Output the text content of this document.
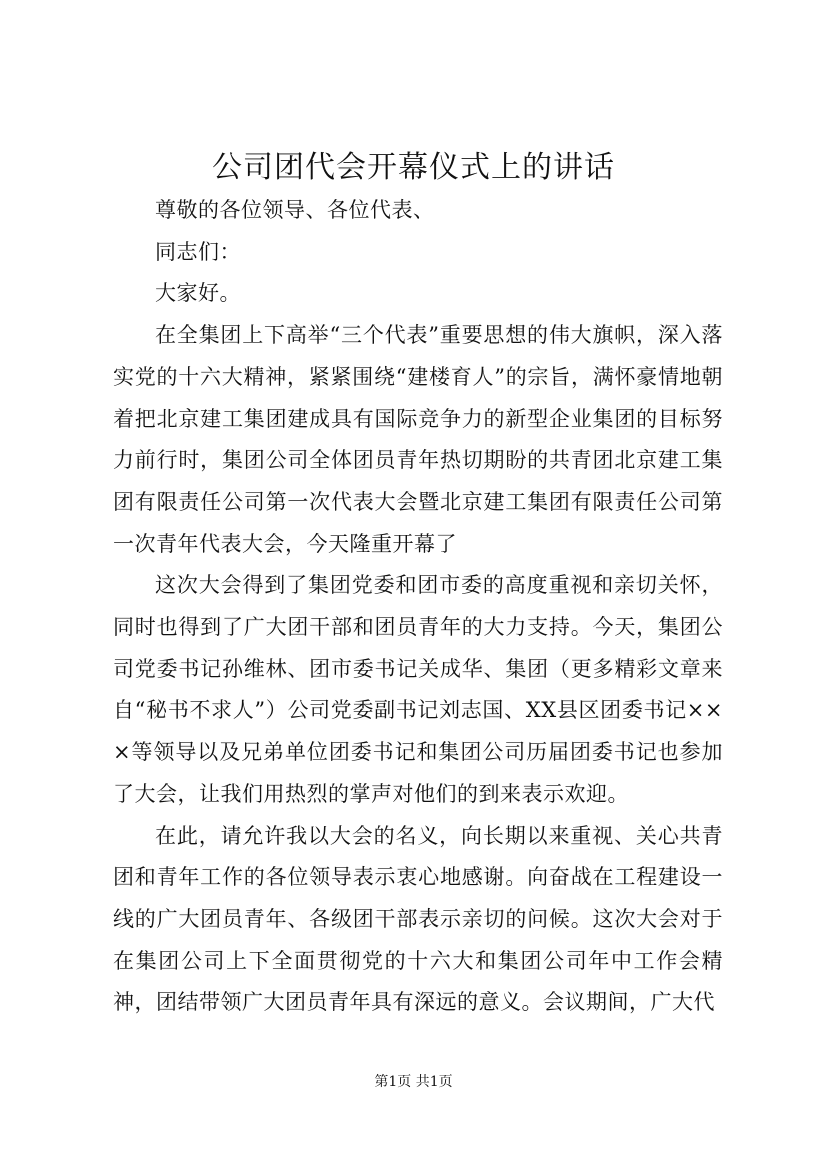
公司团代会开幕仪式上的讲话

尊敬的各位领导、各位代表、

同志们：

大家好。

在全集团上下高举“三个代表”重要思想的伟大旗帜，深入落实党的十六大精神，紧紧围绕“建楼育人”的宗旨，满怀豪情地朝着把北京建工集团建成具有国际竞争力的新型企业集团的目标努力前行时，集团公司全体团员青年热切期盼的共青团北京建工集团有限责任公司第一次代表大会暨北京建工集团有限责任公司第一次青年代表大会，今天隆重开幕了

这次大会得到了集团党委和团市委的高度重视和亲切关怀，同时也得到了广大团干部和团员青年的大力支持。今天，集团公司党委书记孙维林、团市委书记关成华、集团（更多精彩文章来自“秘书不求人”）公司党委副书记刘志国、XX县区团委书记×××等领导以及兄弟单位团委书记和集团公司历届团委书记也参加了大会，让我们用热烈的掌声对他们的到来表示欢迎。

在此，请允许我以大会的名义，向长期以来重视、关心共青团和青年工作的各位领导表示衷心地感谢。向奋战在工程建设一线的广大团员青年、各级团干部表示亲切的问候。这次大会对于在集团公司上下全面贯彻党的十六大和集团公司年中工作会精神，团结带领广大团员青年具有深远的意义。会议期间，广大代

第1页 共1页
